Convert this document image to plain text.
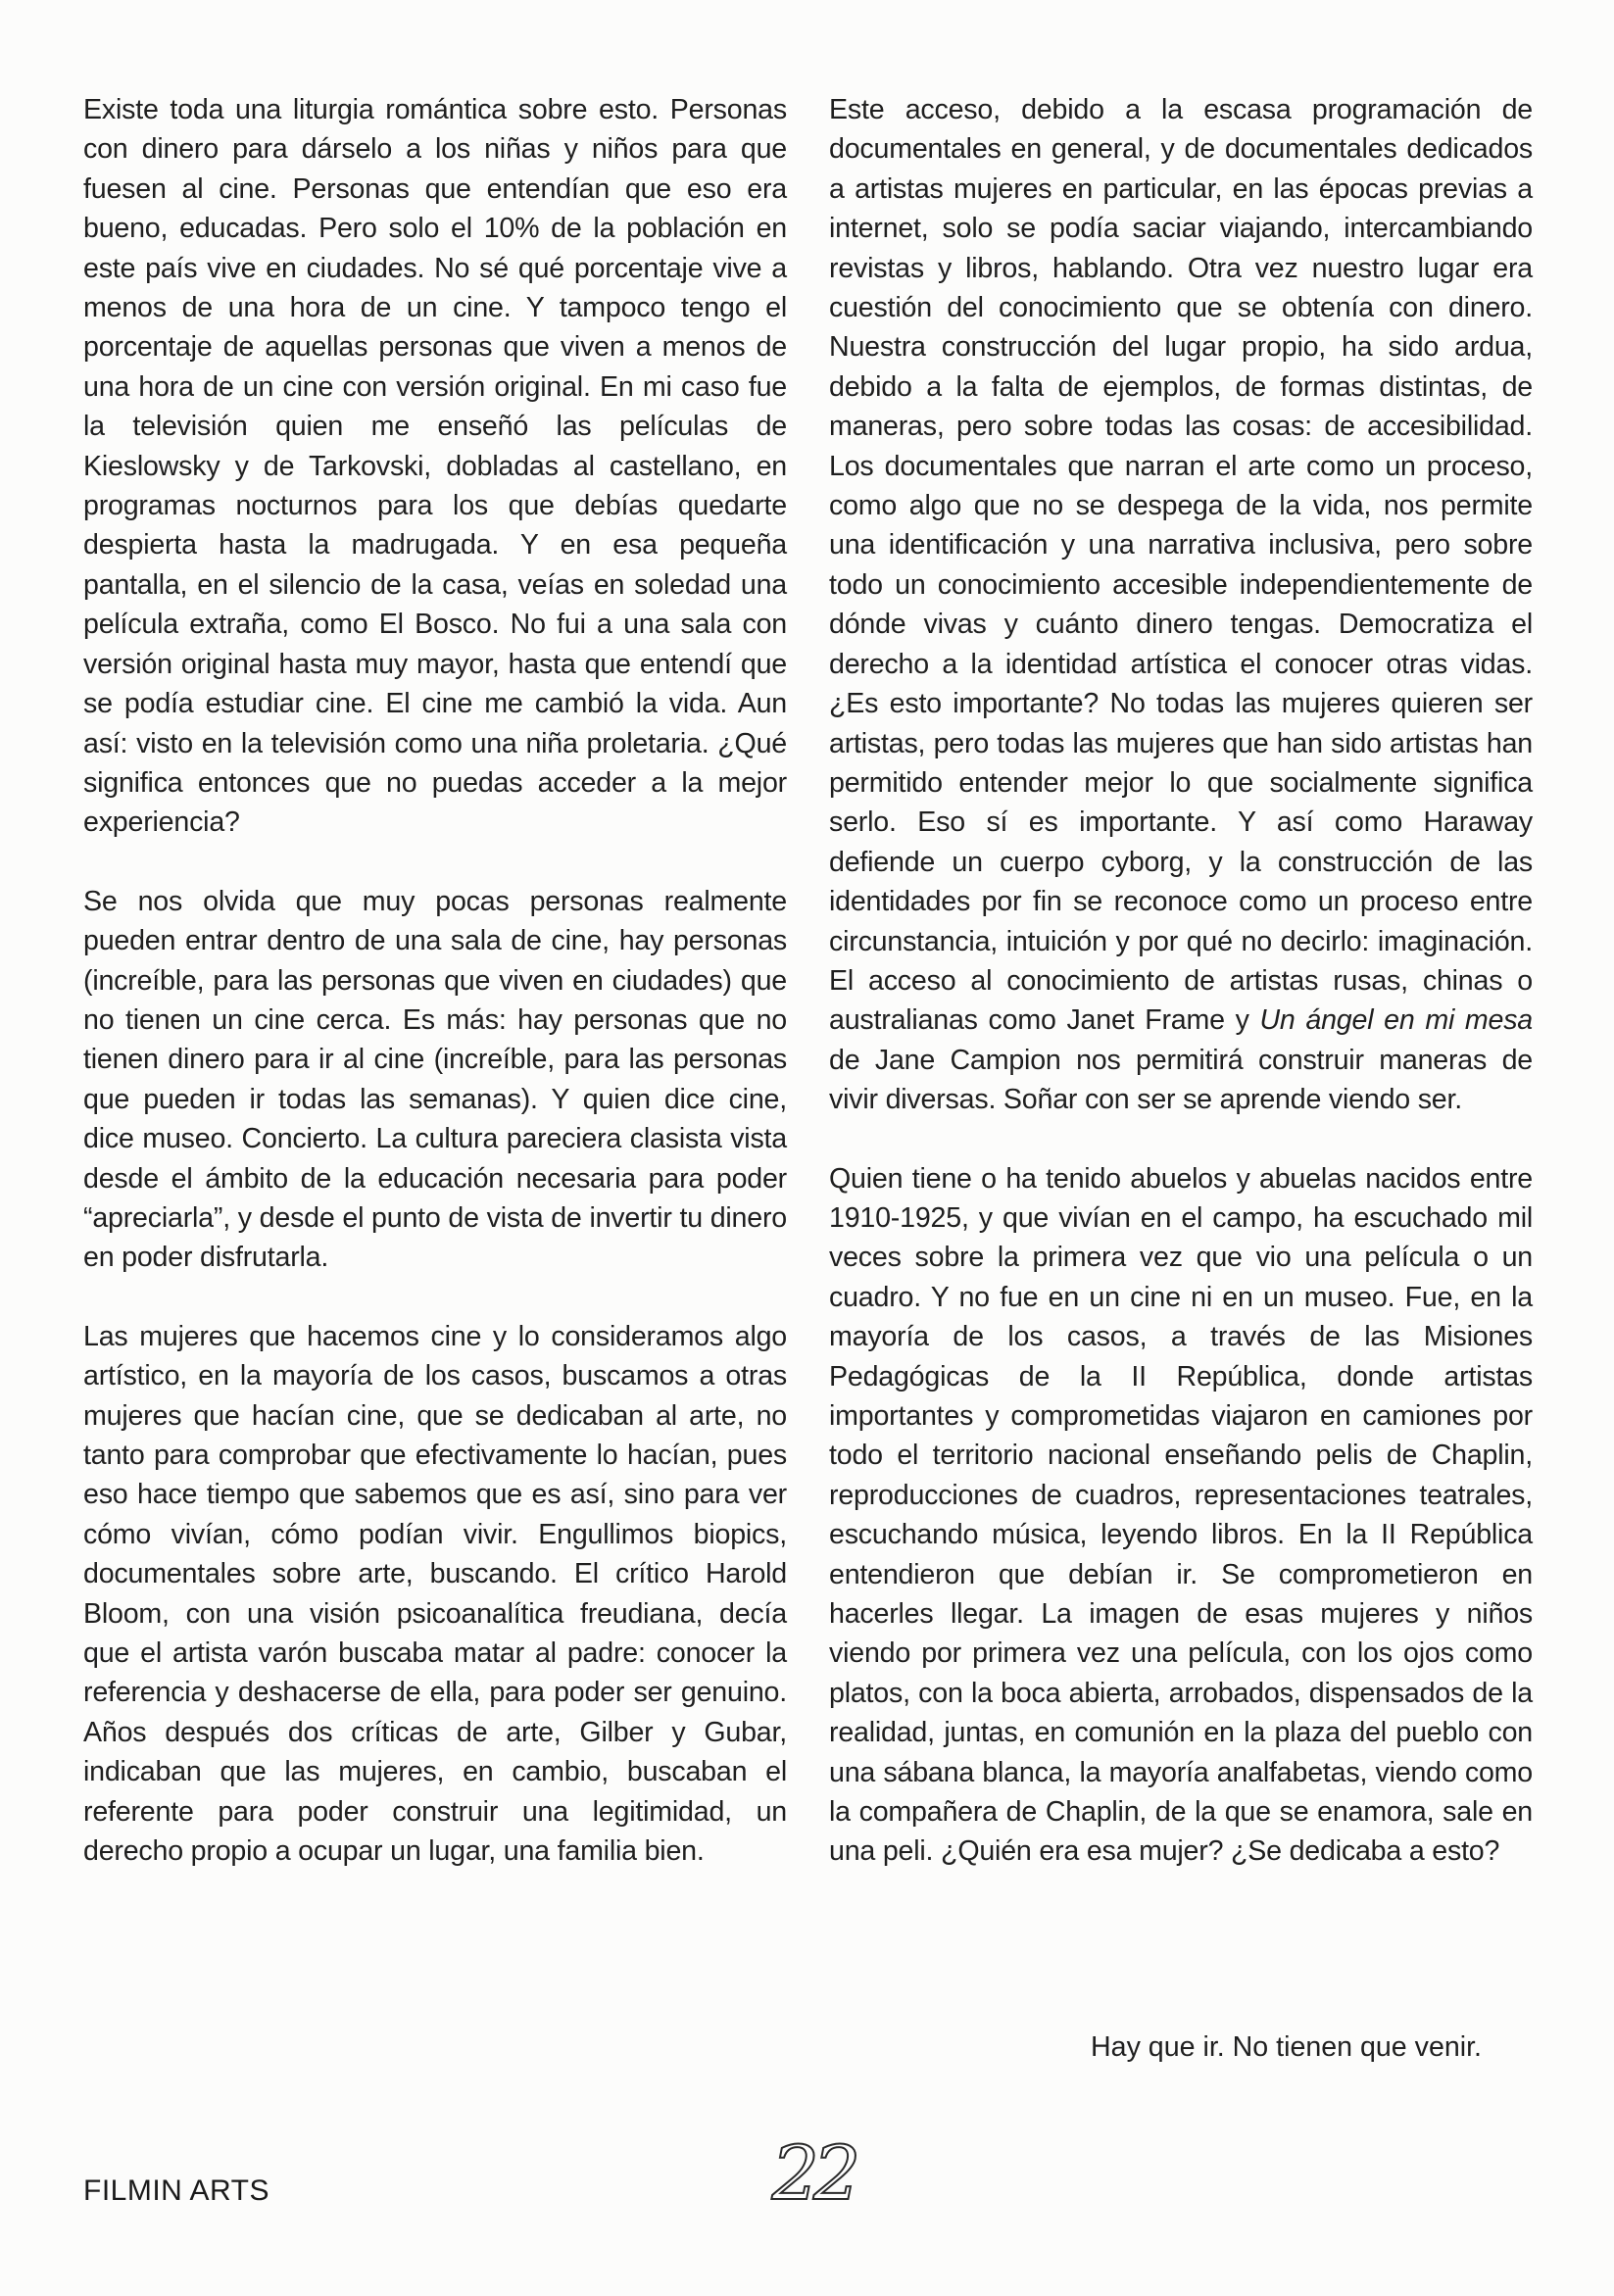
Existe toda una liturgia romántica sobre esto. Personas con dinero para dárselo a los niñas y niños para que fuesen al cine. Personas que entendían que eso era bueno, educadas. Pero solo el 10% de la población en este país vive en ciudades. No sé qué porcentaje vive a menos de una hora de un cine. Y tampoco tengo el porcentaje de aquellas personas que viven a menos de una hora de un cine con versión original. En mi caso fue la televisión quien me enseñó las películas de Kieslowsky y de Tarkovski, dobladas al castellano, en programas nocturnos para los que debías quedarte despierta hasta la madrugada. Y en esa pequeña pantalla, en el silencio de la casa, veías en soledad una película extraña, como El Bosco. No fui a una sala con versión original hasta muy mayor, hasta que entendí que se podía estudiar cine. El cine me cambió la vida. Aun así: visto en la televisión como una niña proletaria. ¿Qué significa entonces que no puedas acceder a la mejor experiencia?

Se nos olvida que muy pocas personas realmente pueden entrar dentro de una sala de cine, hay personas (increíble, para las personas que viven en ciudades) que no tienen un cine cerca. Es más: hay personas que no tienen dinero para ir al cine (increíble, para las personas que pueden ir todas las semanas). Y quien dice cine, dice museo. Concierto. La cultura pareciera clasista vista desde el ámbito de la educación necesaria para poder “apreciarla”, y desde el punto de vista de invertir tu dinero en poder disfrutarla.

Las mujeres que hacemos cine y lo consideramos algo artístico, en la mayoría de los casos, buscamos a otras mujeres que hacían cine, que se dedicaban al arte, no tanto para comprobar que efectivamente lo hacían, pues eso hace tiempo que sabemos que es así, sino para ver cómo vivían, cómo podían vivir. Engullimos biopics, documentales sobre arte, buscando. El crítico Harold Bloom, con una visión psicoanalítica freudiana, decía que el artista varón buscaba matar al padre: conocer la referencia y deshacerse de ella, para poder ser genuino. Años después dos críticas de arte, Gilber y Gubar, indicaban que las mujeres, en cambio, buscaban el referente para poder construir una legitimidad, un derecho propio a ocupar un lugar, una familia bien.

Este acceso, debido a la escasa programación de documentales en general, y de documentales dedicados a artistas mujeres en particular, en las épocas previas a internet, solo se podía saciar viajando, intercambiando revistas y libros, hablando. Otra vez nuestro lugar era cuestión del conocimiento que se obtenía con dinero. Nuestra construcción del lugar propio, ha sido ardua, debido a la falta de ejemplos, de formas distintas, de maneras, pero sobre todas las cosas: de accesibilidad. Los documentales que narran el arte como un proceso, como algo que no se despega de la vida, nos permite una identificación y una narrativa inclusiva, pero sobre todo un conocimiento accesible independientemente de dónde vivas y cuánto dinero tengas. Democratiza el derecho a la identidad artística el conocer otras vidas. ¿Es esto importante? No todas las mujeres quieren ser artistas, pero todas las mujeres que han sido artistas han permitido entender mejor lo que socialmente significa serlo. Eso sí es importante. Y así como Haraway defiende un cuerpo cyborg, y la construcción de las identidades por fin se reconoce como un proceso entre circunstancia, intuición y por qué no decirlo: imaginación. El acceso al conocimiento de artistas rusas, chinas o australianas como Janet Frame y Un ángel en mi mesa de Jane Campion nos permitirá construir maneras de vivir diversas. Soñar con ser se aprende viendo ser.

Quien tiene o ha tenido abuelos y abuelas nacidos entre 1910-1925, y que vivían en el campo, ha escuchado mil veces sobre la primera vez que vio una película o un cuadro. Y no fue en un cine ni en un museo. Fue, en la mayoría de los casos, a través de las Misiones Pedagógicas de la II República, donde artistas importantes y comprometidas viajaron en camiones por todo el territorio nacional enseñando pelis de Chaplin, reproducciones de cuadros, representaciones teatrales, escuchando música, leyendo libros. En la II República entendieron que debían ir. Se comprometieron en hacerles llegar. La imagen de esas mujeres y niños viendo por primera vez una película, con los ojos como platos, con la boca abierta, arrobados, dispensados de la realidad, juntas, en comunión en la plaza del pueblo con una sábana blanca, la mayoría analfabetas, viendo como la compañera de Chaplin, de la que se enamora, sale en una peli. ¿Quién era esa mujer? ¿Se dedicaba a esto?

Hay que ir. No tienen que venir.
FILMIN ARTS	22
